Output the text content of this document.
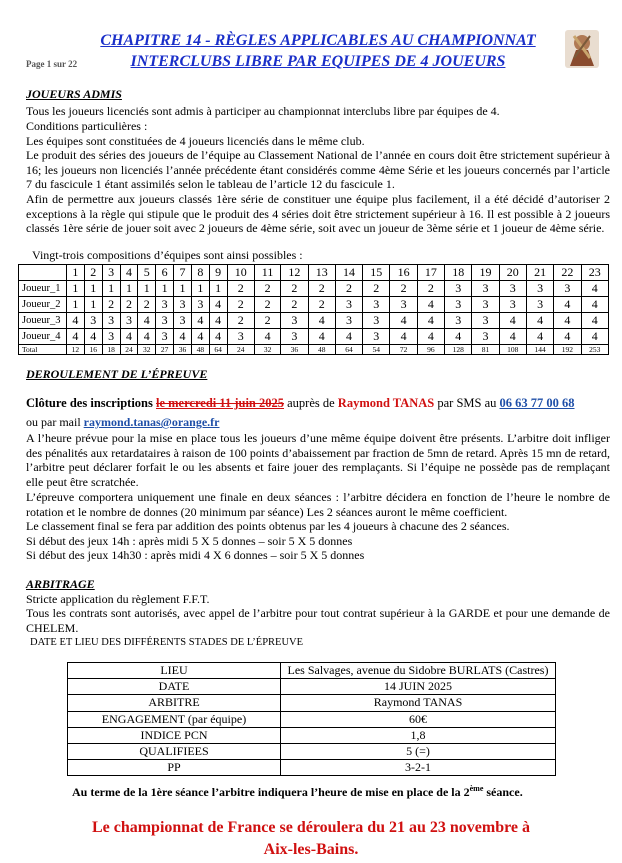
CHAPITRE 14 - RÈGLES APPLICABLES AU CHAMPIONNAT
INTERCLUBS LIBRE PAR EQUIPES DE 4 JOUEURS
Page 1 sur 22
JOUEURS ADMIS
Tous les joueurs licenciés sont admis à participer au championnat interclubs libre par équipes de 4.
Conditions particulières :
Les équipes sont constituées de 4 joueurs licenciés dans le même club.
Le produit des séries des joueurs de l’équipe au Classement National de l’année en cours doit être strictement supérieur à 16; les joueurs non licenciés l’année précédente étant considérés comme 4ème Série et les joueurs concernés par l’article 7 du fascicule 1 étant assimilés selon le tableau de l’article 12 du fascicule 1.
Afin de permettre aux joueurs classés 1ère série de constituer une équipe plus facilement, il a été décidé d’autoriser 2 exceptions à la règle qui stipule que le produit des 4 séries doit être strictement supérieur à 16. Il est possible à 2 joueurs classés 1ère série de jouer soit avec 2 joueurs de 4ème série, soit avec un joueur de 3ème série et 1 joueur de 4ème série.
Vingt-trois compositions d’équipes sont ainsi possibles :
	1	2	3	4	5	6	7	8	9	10	11	12	13	14	15	16	17	18	19	20	21	22	23
Joueur_1	1	1	1	1	1	1	1	1	1	2	2	2	2	2	2	2	2	3	3	3	3	3	4
Joueur_2	1	1	2	2	2	3	3	3	4	2	2	2	2	3	3	3	4	3	3	3	3	4	4
Joueur_3	4	3	3	3	4	3	3	4	4	2	2	3	4	3	3	4	4	3	3	4	4	4	4
Joueur_4	4	4	3	4	4	3	4	4	4	3	4	3	4	4	3	4	4	4	3	4	4	4	4
Total	12	16	18	24	32	27	36	48	64	24	32	36	48	64	54	72	96	128	81	108	144	192	253
DEROULEMENT DE L’ÉPREUVE
Clôture des inscriptions le mercredi 11 juin 2025 auprès de Raymond TANAS par SMS au 06 63 77 00 68
ou par mail raymond.tanas@orange.fr
A l’heure prévue pour la mise en place tous les joueurs d’une même équipe doivent être présents. L’arbitre doit infliger des pénalités aux retardataires à raison de 100 points d’abaissement par fraction de 5mn de retard. Après 15 mn de retard, l’arbitre peut déclarer forfait le ou les absents et faire jouer des remplaçants. Si l’équipe ne possède pas de remplaçant elle peut être scratchée.
L’épreuve comportera uniquement une finale en deux séances : l’arbitre décidera en fonction de l’heure le nombre de rotation et le nombre de donnes (20 minimum par séance) Les 2 séances auront le même coefficient.
Le classement final se fera par addition des points obtenus par les 4 joueurs à chacune des 2 séances.
Si début des jeux 14h : après midi 5 X 5 donnes – soir 5 X 5 donnes
Si début des jeux 14h30 : après midi 4 X 6 donnes – soir 5 X 5 donnes
ARBITRAGE
Stricte application du règlement F.F.T.
Tous les contrats sont autorisés, avec appel de l’arbitre pour tout contrat supérieur à la GARDE et pour une demande de CHELEM.
DATE ET LIEU DES DIFFÉRENTS STADES DE L’ÉPREUVE
LIEU	Les Salvages, avenue du Sidobre BURLATS (Castres)
DATE	14 JUIN 2025
ARBITRE	Raymond TANAS
ENGAGEMENT (par équipe)	60€
INDICE PCN	1,8
QUALIFIEES	5 (=)
PP	3-2-1
Au terme de la 1ère séance l’arbitre indiquera l’heure de mise en place de la 2ème séance.
Le championnat de France se déroulera du 21 au 23 novembre à
Aix-les-Bains.
